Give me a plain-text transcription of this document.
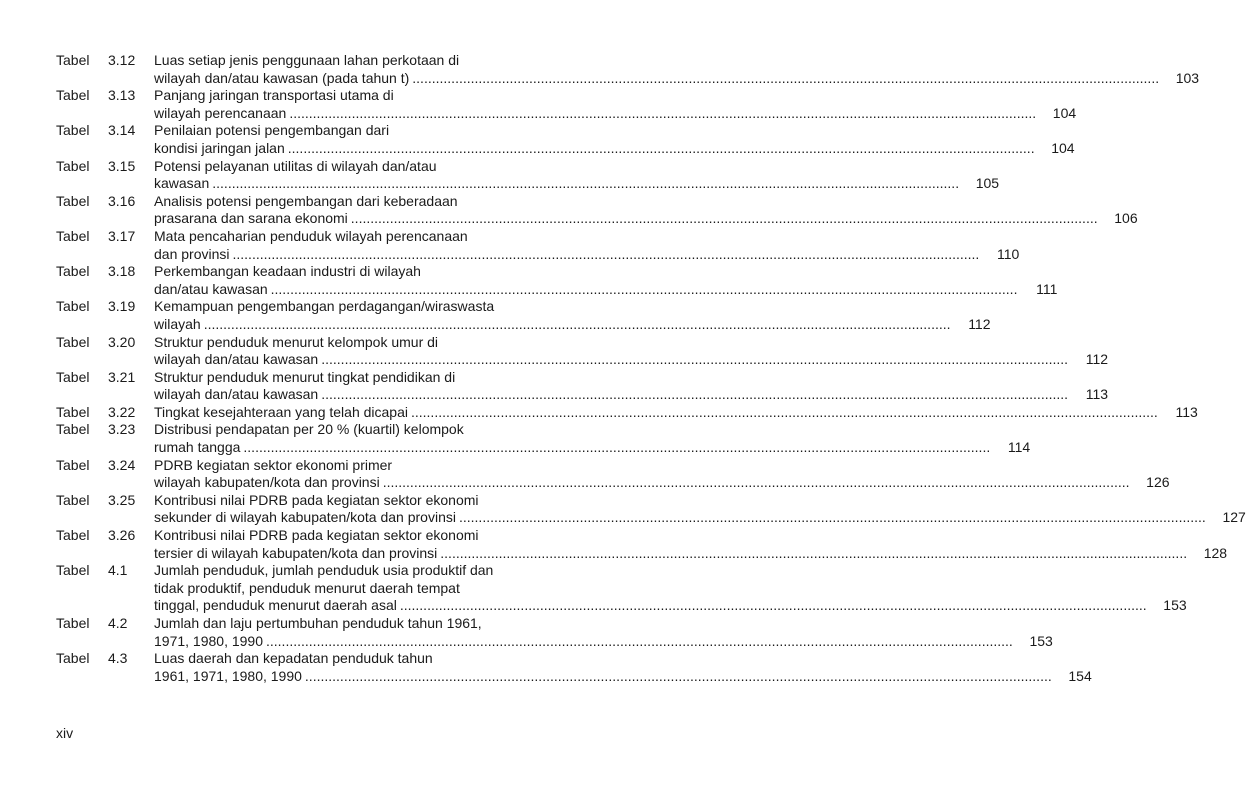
Tabel	3.12	Luas setiap jenis penggunaan lahan perkotaan di
wilayah dan/atau kawasan (pada tahun t) .....	103
Tabel	3.13	Panjang jaringan transportasi utama di
wilayah perencanaan .....	104
Tabel	3.14	Penilaian potensi pengembangan dari
kondisi jaringan jalan .....	104
Tabel	3.15	Potensi pelayanan utilitas di wilayah dan/atau
kawasan .....	105
Tabel	3.16	Analisis potensi pengembangan dari keberadaan
prasarana dan sarana ekonomi .....	106
Tabel	3.17	Mata pencaharian penduduk wilayah perencanaan
dan provinsi .....	110
Tabel	3.18	Perkembangan keadaan industri di wilayah
dan/atau kawasan .....	111
Tabel	3.19	Kemampuan pengembangan perdagangan/wiraswasta
wilayah .....	112
Tabel	3.20	Struktur penduduk menurut kelompok umur di
wilayah dan/atau kawasan .....	112
Tabel	3.21	Struktur penduduk menurut tingkat pendidikan di
wilayah dan/atau kawasan .....	113
Tabel	3.22	Tingkat kesejahteraan yang telah dicapai .....	113
Tabel	3.23	Distribusi pendapatan per 20 % (kuartil) kelompok
rumah tangga .....	114
Tabel	3.24	PDRB kegiatan sektor ekonomi primer
wilayah kabupaten/kota dan provinsi .....	126
Tabel	3.25	Kontribusi nilai PDRB pada kegiatan sektor ekonomi
sekunder di wilayah kabupaten/kota dan provinsi .....	127
Tabel	3.26	Kontribusi nilai PDRB pada kegiatan sektor ekonomi
tersier di wilayah kabupaten/kota dan provinsi .....	128
Tabel	4.1	Jumlah penduduk, jumlah penduduk usia produktif dan
tidak produktif, penduduk menurut daerah tempat
tinggal, penduduk menurut daerah asal .....	153
Tabel	4.2	Jumlah dan laju pertumbuhan penduduk tahun 1961,
1971, 1980, 1990 .....	153
Tabel	4.3	Luas daerah dan kepadatan penduduk tahun
1961, 1971, 1980, 1990 .....	154
xiv
